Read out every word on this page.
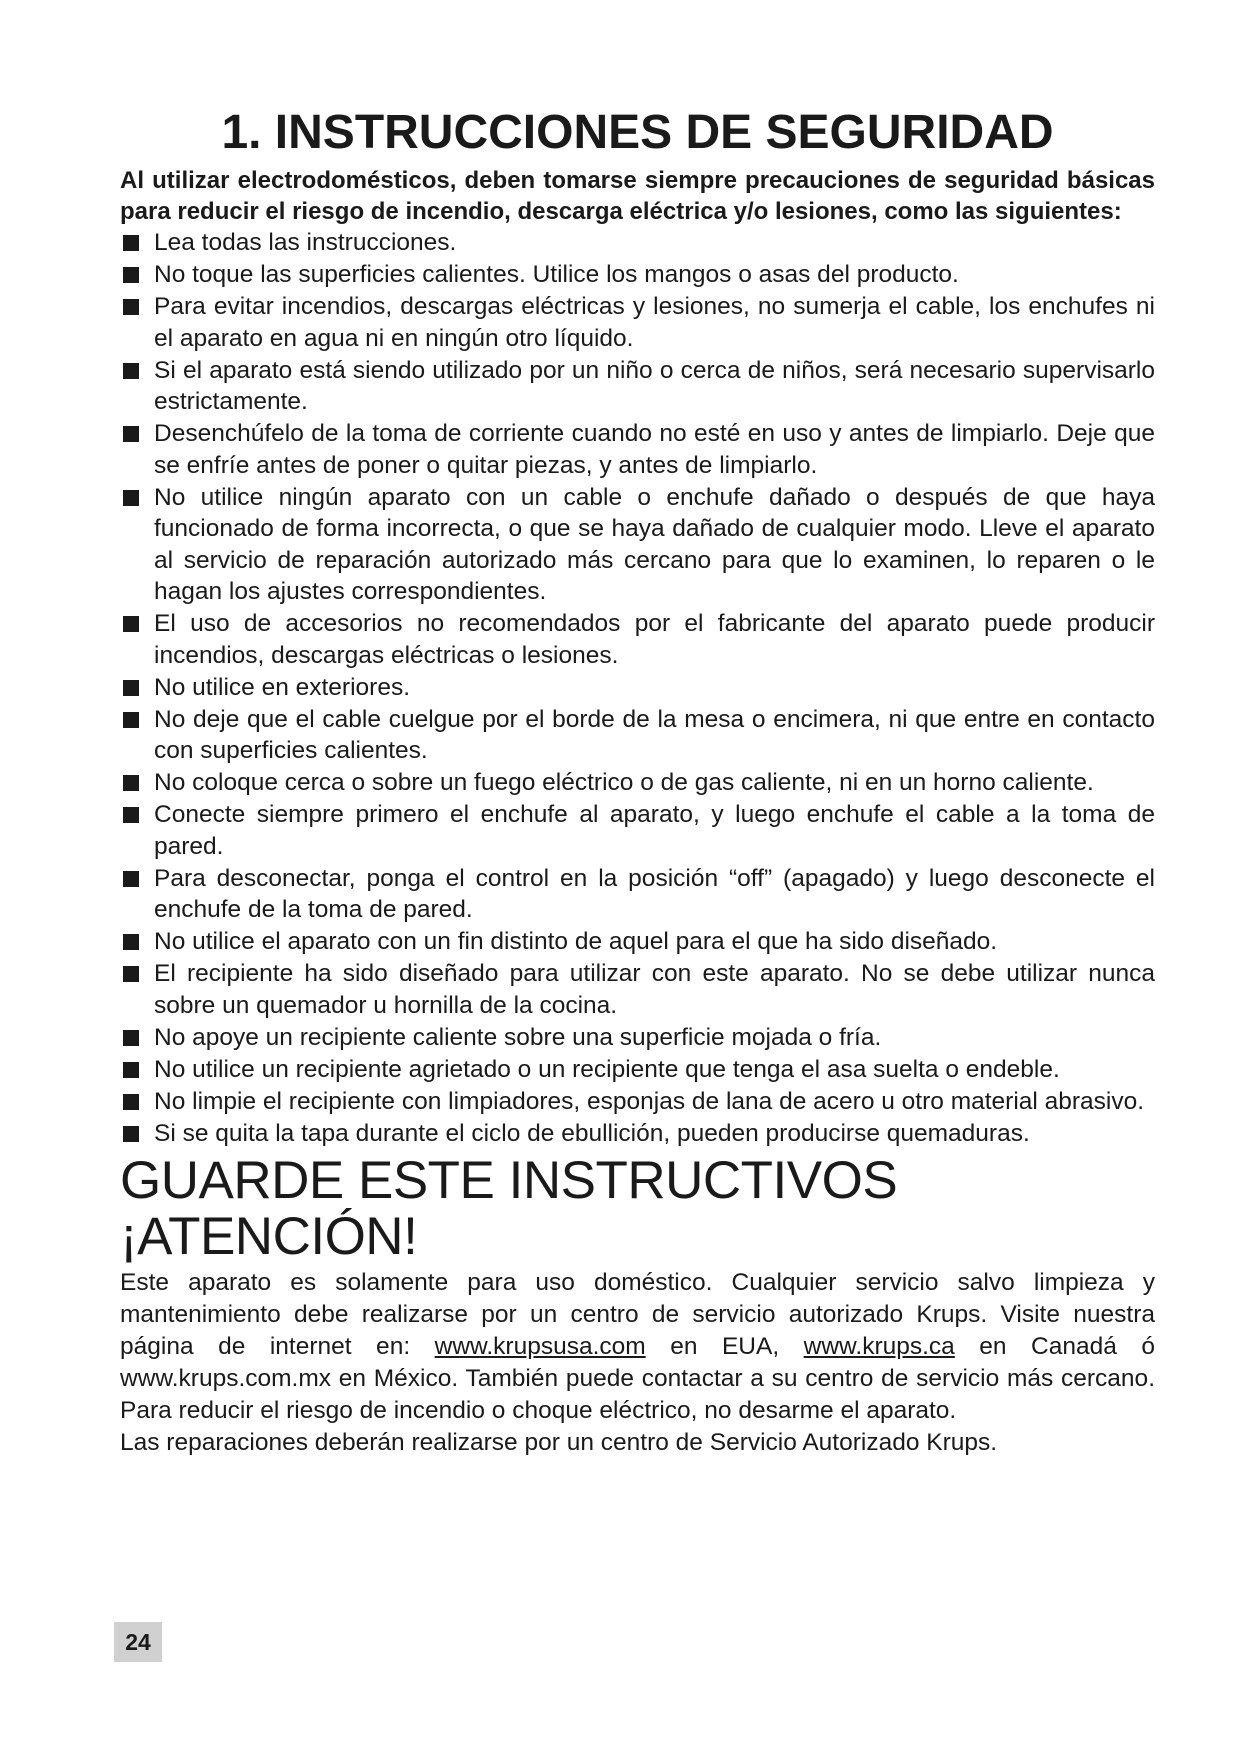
1. INSTRUCCIONES DE SEGURIDAD

Al utilizar electrodomésticos, deben tomarse siempre precauciones de seguridad básicas para reducir el riesgo de incendio, descarga eléctrica y/o lesiones, como las siguientes:

Lea todas las instrucciones.
No toque las superficies calientes. Utilice los mangos o asas del producto.
Para evitar incendios, descargas eléctricas y lesiones, no sumerja el cable, los enchufes ni el aparato en agua ni en ningún otro líquido.
Si el aparato está siendo utilizado por un niño o cerca de niños, será necesario supervisarlo estrictamente.
Desenchúfelo de la toma de corriente cuando no esté en uso y antes de limpiarlo. Deje que se enfríe antes de poner o quitar piezas, y antes de limpiarlo.
No utilice ningún aparato con un cable o enchufe dañado o después de que haya funcionado de forma incorrecta, o que se haya dañado de cualquier modo. Lleve el aparato al servicio de reparación autorizado más cercano para que lo examinen, lo reparen o le hagan los ajustes correspondientes.
El uso de accesorios no recomendados por el fabricante del aparato puede producir incendios, descargas eléctricas o lesiones.
No utilice en exteriores.
No deje que el cable cuelgue por el borde de la mesa o encimera, ni que entre en contacto con superficies calientes.
No coloque cerca o sobre un fuego eléctrico o de gas caliente, ni en un horno caliente.
Conecte siempre primero el enchufe al aparato, y luego enchufe el cable a la toma de pared.
Para desconectar, ponga el control en la posición “off” (apagado) y luego desconecte el enchufe de la toma de pared.
No utilice el aparato con un fin distinto de aquel para el que ha sido diseñado.
El recipiente ha sido diseñado para utilizar con este aparato. No se debe utilizar nunca sobre un quemador u hornilla de la cocina.
No apoye un recipiente caliente sobre una superficie mojada o fría.
No utilice un recipiente agrietado o un recipiente que tenga el asa suelta o endeble.
No limpie el recipiente con limpiadores, esponjas de lana de acero u otro material abrasivo.
Si se quita la tapa durante el ciclo de ebullición, pueden producirse quemaduras.
GUARDE ESTE INSTRUCTIVOS
¡ATENCIÓN!

Este aparato es solamente para uso doméstico. Cualquier servicio salvo limpieza y mantenimiento debe realizarse por un centro de servicio autorizado Krups. Visite nuestra página de internet en: www.krupsusa.com en EUA, www.krups.ca en Canadá ó www.krups.com.mx en México. También puede contactar a su centro de servicio más cercano. Para reducir el riesgo de incendio o choque eléctrico, no desarme el aparato.

Las reparaciones deberán realizarse por un centro de Servicio Autorizado Krups.

24
